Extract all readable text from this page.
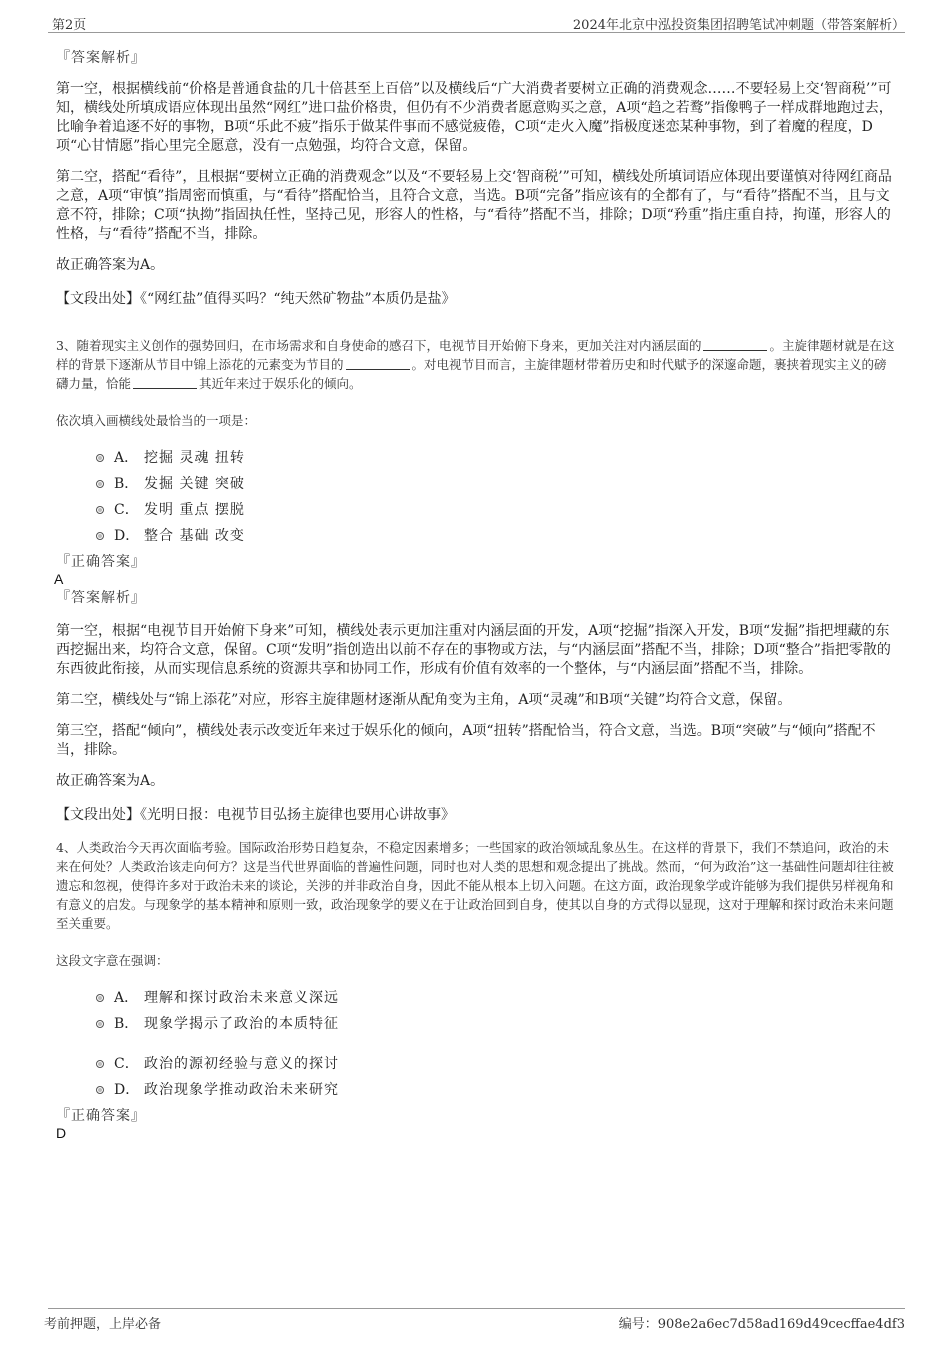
第2页	2024年北京中泓投资集团招聘笔试冲刺题（带答案解析）
『答案解析』

第一空，根据横线前“价格是普通食盐的几十倍甚至上百倍”以及横线后“广大消费者要树立正确的消费观念……不要轻易上交‘智商税’”可知，横线处所填成语应体现出虽然“网红”进口盐价格贵，但仍有不少消费者愿意购买之意，A项“趋之若鹜”指像鸭子一样成群地跑过去，比喻争着追逐不好的事物，B项“乐此不疲”指乐于做某件事而不感觉疲倦，C项“走火入魔”指极度迷恋某种事物，到了着魔的程度，D项“心甘情愿”指心里完全愿意，没有一点勉强，均符合文意，保留。

第二空，搭配“看待”，且根据“要树立正确的消费观念”以及“不要轻易上交‘智商税’”可知，横线处所填词语应体现出要谨慎对待网红商品之意，A项“审慎”指周密而慎重，与“看待”搭配恰当，且符合文意，当选。B项“完备”指应该有的全都有了，与“看待”搭配不当，且与文意不符，排除；C项“执拗”指固执任性，坚持己见，形容人的性格，与“看待”搭配不当，排除；D项“矜重”指庄重自持，拘谨，形容人的性格，与“看待”搭配不当，排除。

故正确答案为A。

【文段出处】《“网红盐”值得买吗？“纯天然矿物盐”本质仍是盐》

3、随着现实主义创作的强势回归，在市场需求和自身使命的感召下，电视节目开始俯下身来，更加关注对内涵层面的	。主旋律题材就是在这样的背景下逐渐从节目中锦上添花的元素变为节目的	。对电视节目而言，主旋律题材带着历史和时代赋予的深邃命题，裹挟着现实主义的磅礴力量，恰能	其近年来过于娱乐化的倾向。

依次填入画横线处最恰当的一项是：
A． 挖掘 灵魂 扭转
B． 发掘 关键 突破
C． 发明 重点 摆脱
D． 整合 基础 改变
『正确答案』
A
『答案解析』

第一空，根据“电视节目开始俯下身来”可知，横线处表示更加注重对内涵层面的开发，A项“挖掘”指深入开发，B项“发掘”指把埋藏的东西挖掘出来，均符合文意，保留。C项“发明”指创造出以前不存在的事物或方法，与“内涵层面”搭配不当，排除；D项“整合”指把零散的东西彼此衔接，从而实现信息系统的资源共享和协同工作，形成有价值有效率的一个整体，与“内涵层面”搭配不当，排除。

第二空，横线处与“锦上添花”对应，形容主旋律题材逐渐从配角变为主角，A项“灵魂”和B项“关键”均符合文意，保留。

第三空，搭配“倾向”，横线处表示改变近年来过于娱乐化的倾向，A项“扭转”搭配恰当，符合文意，当选。B项“突破”与“倾向”搭配不当，排除。

故正确答案为A。

【文段出处】《光明日报：电视节目弘扬主旋律也要用心讲故事》

4、人类政治今天再次面临考验。国际政治形势日趋复杂，不稳定因素增多；一些国家的政治领域乱象丛生。在这样的背景下，我们不禁追问，政治的未来在何处？人类政治该走向何方？这是当代世界面临的普遍性问题，同时也对人类的思想和观念提出了挑战。然而，“何为政治”这一基础性问题却往往被遗忘和忽视，使得许多对于政治未来的谈论，关涉的并非政治自身，因此不能从根本上切入问题。在这方面，政治现象学或许能够为我们提供另样视角和有意义的启发。与现象学的基本精神和原则一致，政治现象学的要义在于让政治回到自身，使其以自身的方式得以显现，这对于理解和探讨政治未来问题至关重要。

这段文字意在强调：
A． 理解和探讨政治未来意义深远
B． 现象学揭示了政治的本质特征
C． 政治的源初经验与意义的探讨
D． 政治现象学推动政治未来研究
『正确答案』
D
考前押题，上岸必备	编号：908e2a6ec7d58ad169d49cecffae4df3
